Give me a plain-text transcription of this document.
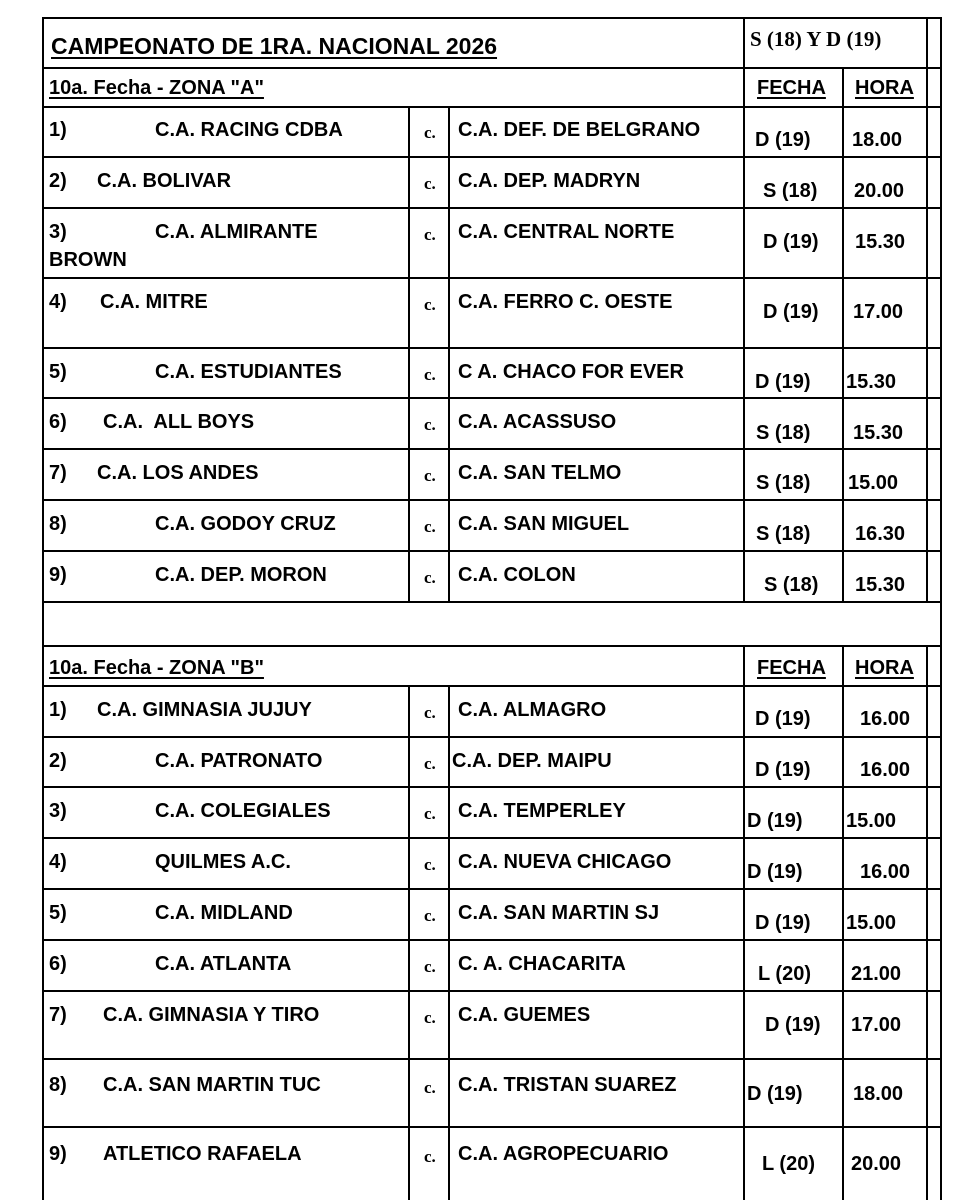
CAMPEONATO DE 1RA. NACIONAL 2026	S (18) Y D (19)
10a. Fecha - ZONA "A"	FECHA HORA
1)	C.A. RACING CDBA	c. C.A. DEF. DE BELGRANO	D (19) 18.00
2) C.A. BOLIVAR	c. C.A. DEP. MADRYN	S (18) 20.00
3)	C.A. ALMIRANTE
BROWN
c. C.A. CENTRAL NORTE	D (19) 15.30
4) C.A. MITRE	c. C.A. FERRO C. OESTE	D (19) 17.00
5)	C.A. ESTUDIANTES	c. C A. CHACO FOR EVER	D (19) 15.30
6) C.A.  ALL BOYS	c. C.A. ACASSUSO	S (18) 15.30
7) C.A. LOS ANDES	c. C.A. SAN TELMO	S (18) 15.00
8)	C.A. GODOY CRUZ	c. C.A. SAN MIGUEL	S (18) 16.30
9)	C.A. DEP. MORON	c. C.A. COLON	S (18) 15.30
10a. Fecha - ZONA "B"	FECHA HORA
1) C.A. GIMNASIA JUJUY	c. C.A. ALMAGRO	D (19) 16.00
2)	C.A. PATRONATO	c. C.A. DEP. MAIPU	D (19) 16.00
3)	C.A. COLEGIALES	c. C.A. TEMPERLEY	D (19) 15.00
4)	QUILMES A.C.	c. C.A. NUEVA CHICAGO	D (19)	16.00
5)	C.A. MIDLAND	c. C.A. SAN MARTIN SJ	D (19) 15.00
6)	C.A. ATLANTA	c. C. A. CHACARITA	L (20) 21.00
7) C.A. GIMNASIA Y TIRO	c. C.A. GUEMES	D (19) 17.00
8) C.A. SAN MARTIN TUC	c. C.A. TRISTAN SUAREZ	D (19)	18.00
9) ATLETICO RAFAELA	c. C.A. AGROPECUARIO	L (20) 20.00
